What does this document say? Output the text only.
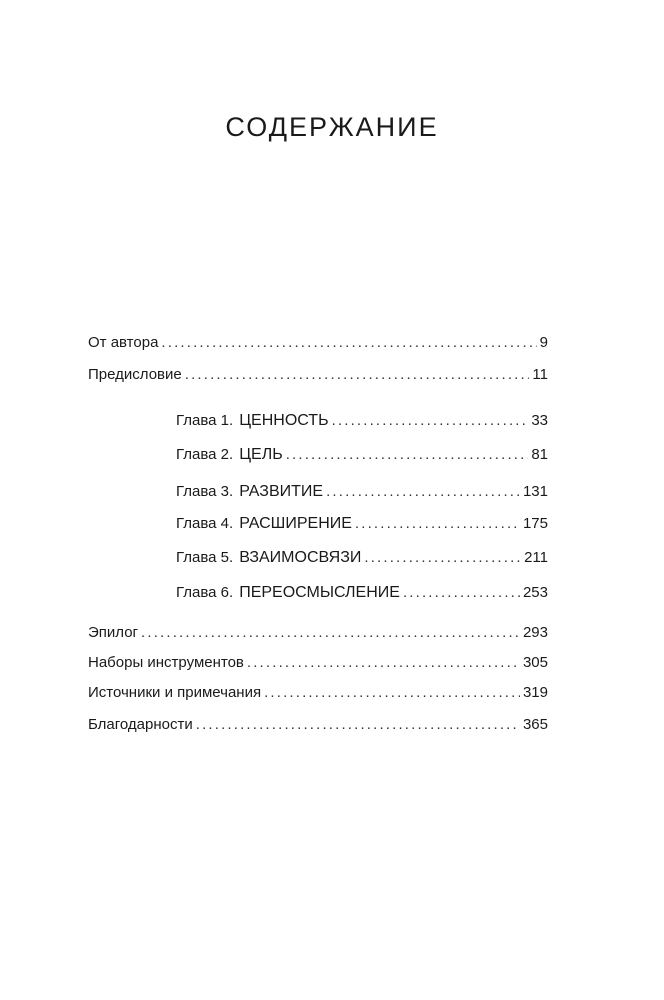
СОДЕРЖАНИЕ
От автора . . .	9
Предисловие . . .	11
Глава 1. ЦЕННОСТЬ . . .	33
Глава 2. ЦЕЛЬ . . .	81
Глава 3. РАЗВИТИЕ . . .	131
Глава 4. РАСШИРЕНИЕ . . .	175
Глава 5. ВЗАИМОСВЯЗИ . . .	211
Глава 6. ПЕРЕОСМЫСЛЕНИЕ . . .	253
Эпилог . . .	293
Наборы инструментов . . .	305
Источники и примечания . . .	319
Благодарности . . .	365
